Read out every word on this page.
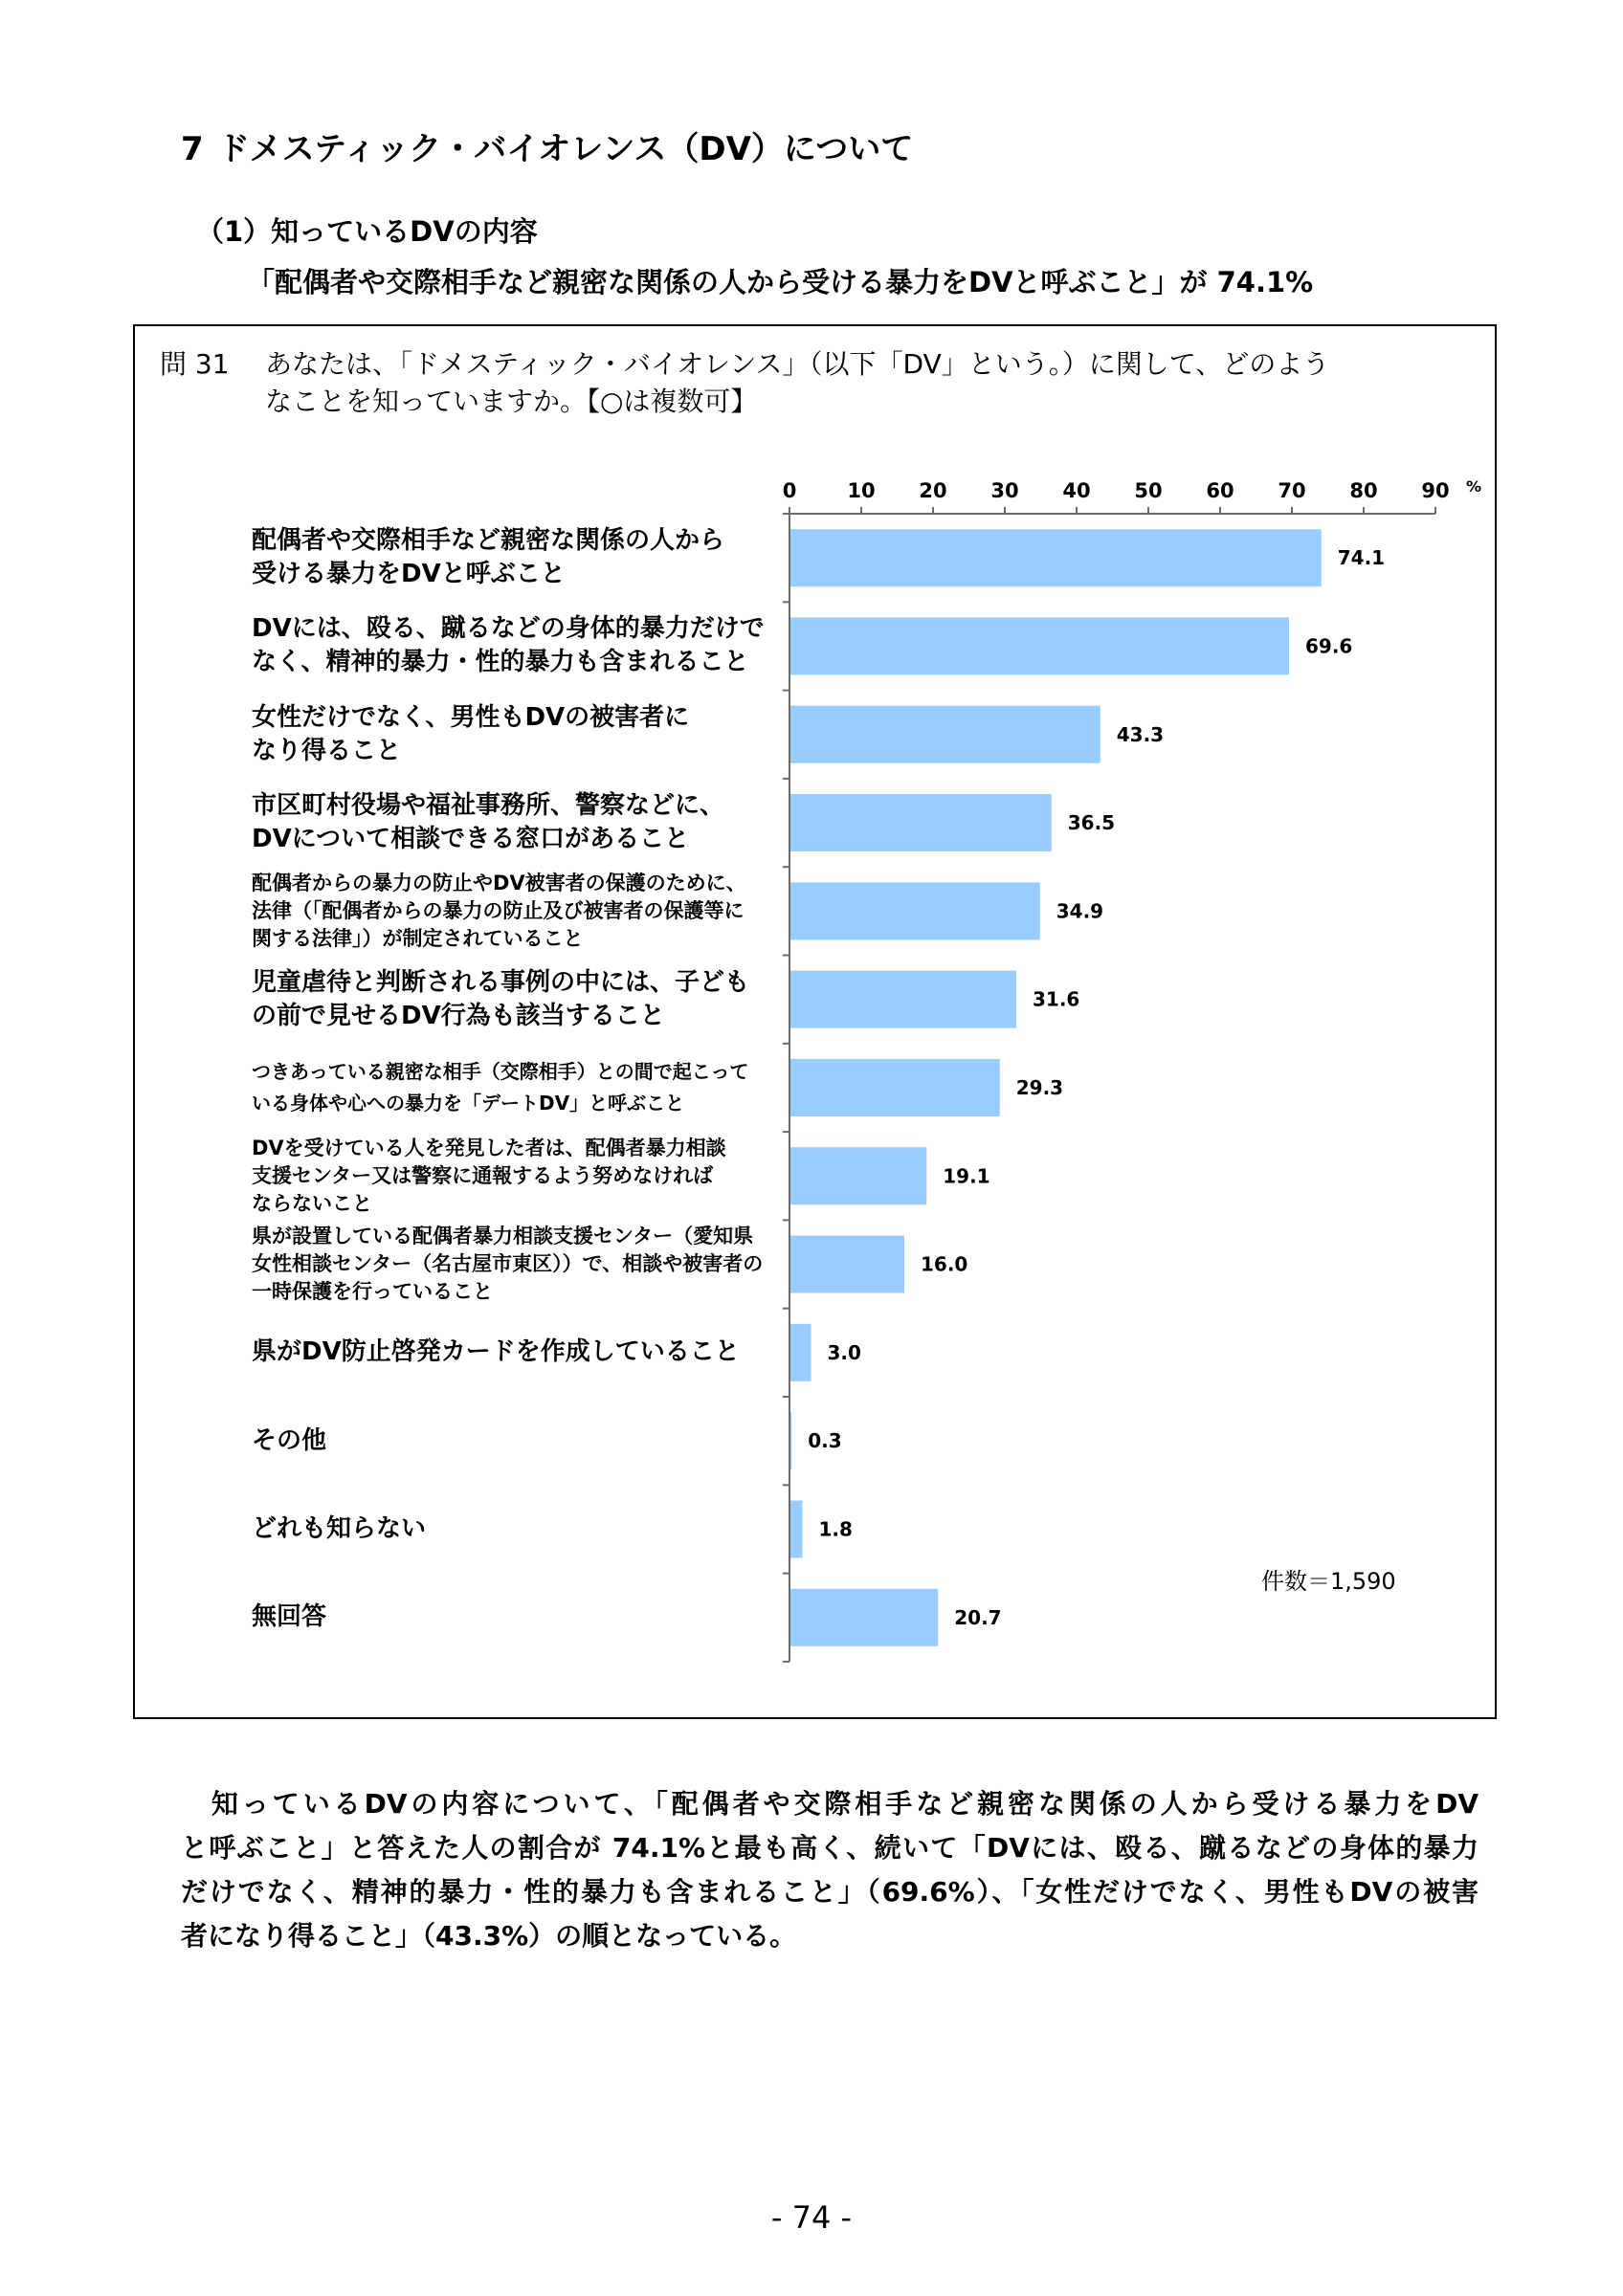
7 ドメスティック・バイオレンス（DV）について
（1）知っているDVの内容
「配偶者や交際相手など親密な関係の人から受ける暴力をDVと呼ぶこと」が 74.1%
問 31 あなたは、「ドメスティック・バイオレンス」（以下「DV」という。）に関して、どのよう
なことを知っていますか。【○は複数可】
74.1
69.6
43.3
36.5
34.9
31.6
29.3
19.1
16.0
3.0
0.3
1.8
20.7
0	10 20 30 40 50 60 70 80 90 %
件数＝1,590
配偶者や交際相手など親密な関係の人から
受ける暴力をDVと呼ぶこと
DVには、殴る、蹴るなどの身体的暴力だけで
なく、精神的暴力・性的暴力も含まれること
女性だけでなく、男性もDVの被害者に
なり得ること
市区町村役場や福祉事務所、警察などに、
DVについて相談できる窓口があること
配偶者からの暴力の防止やDV被害者の保護のために、
法律（「配偶者からの暴力の防止及び被害者の保護等に
関する法律」）が制定されていること
児童虐待と判断される事例の中には、子ども
の前で見せるDV行為も該当すること
つきあっている親密な相手（交際相手）との間で起こって
いる身体や心への暴力を「デートDV」と呼ぶこと
DVを受けている人を発見した者は、配偶者暴力相談
支援センター又は警察に通報するよう努めなければ
ならないこと
県が設置している配偶者暴力相談支援センター（愛知県
女性相談センター（名古屋市東区））で、相談や被害者の
一時保護を行っていること
県がDV防止啓発カードを作成していること
その他
どれも知らない
無回答
　知っているDVの内容について、「配偶者や交際相手など親密な関係の人から受ける暴力をDV
と呼ぶこと」と答えた人の割合が 74.1%と最も高く、続いて「DVには、殴る、蹴るなどの身体的暴力
だけでなく、精神的暴力・性的暴力も含まれること」（69.6%）、「女性だけでなく、男性もDVの被害
者になり得ること」（43.3%）の順となっている。
- 74 -
